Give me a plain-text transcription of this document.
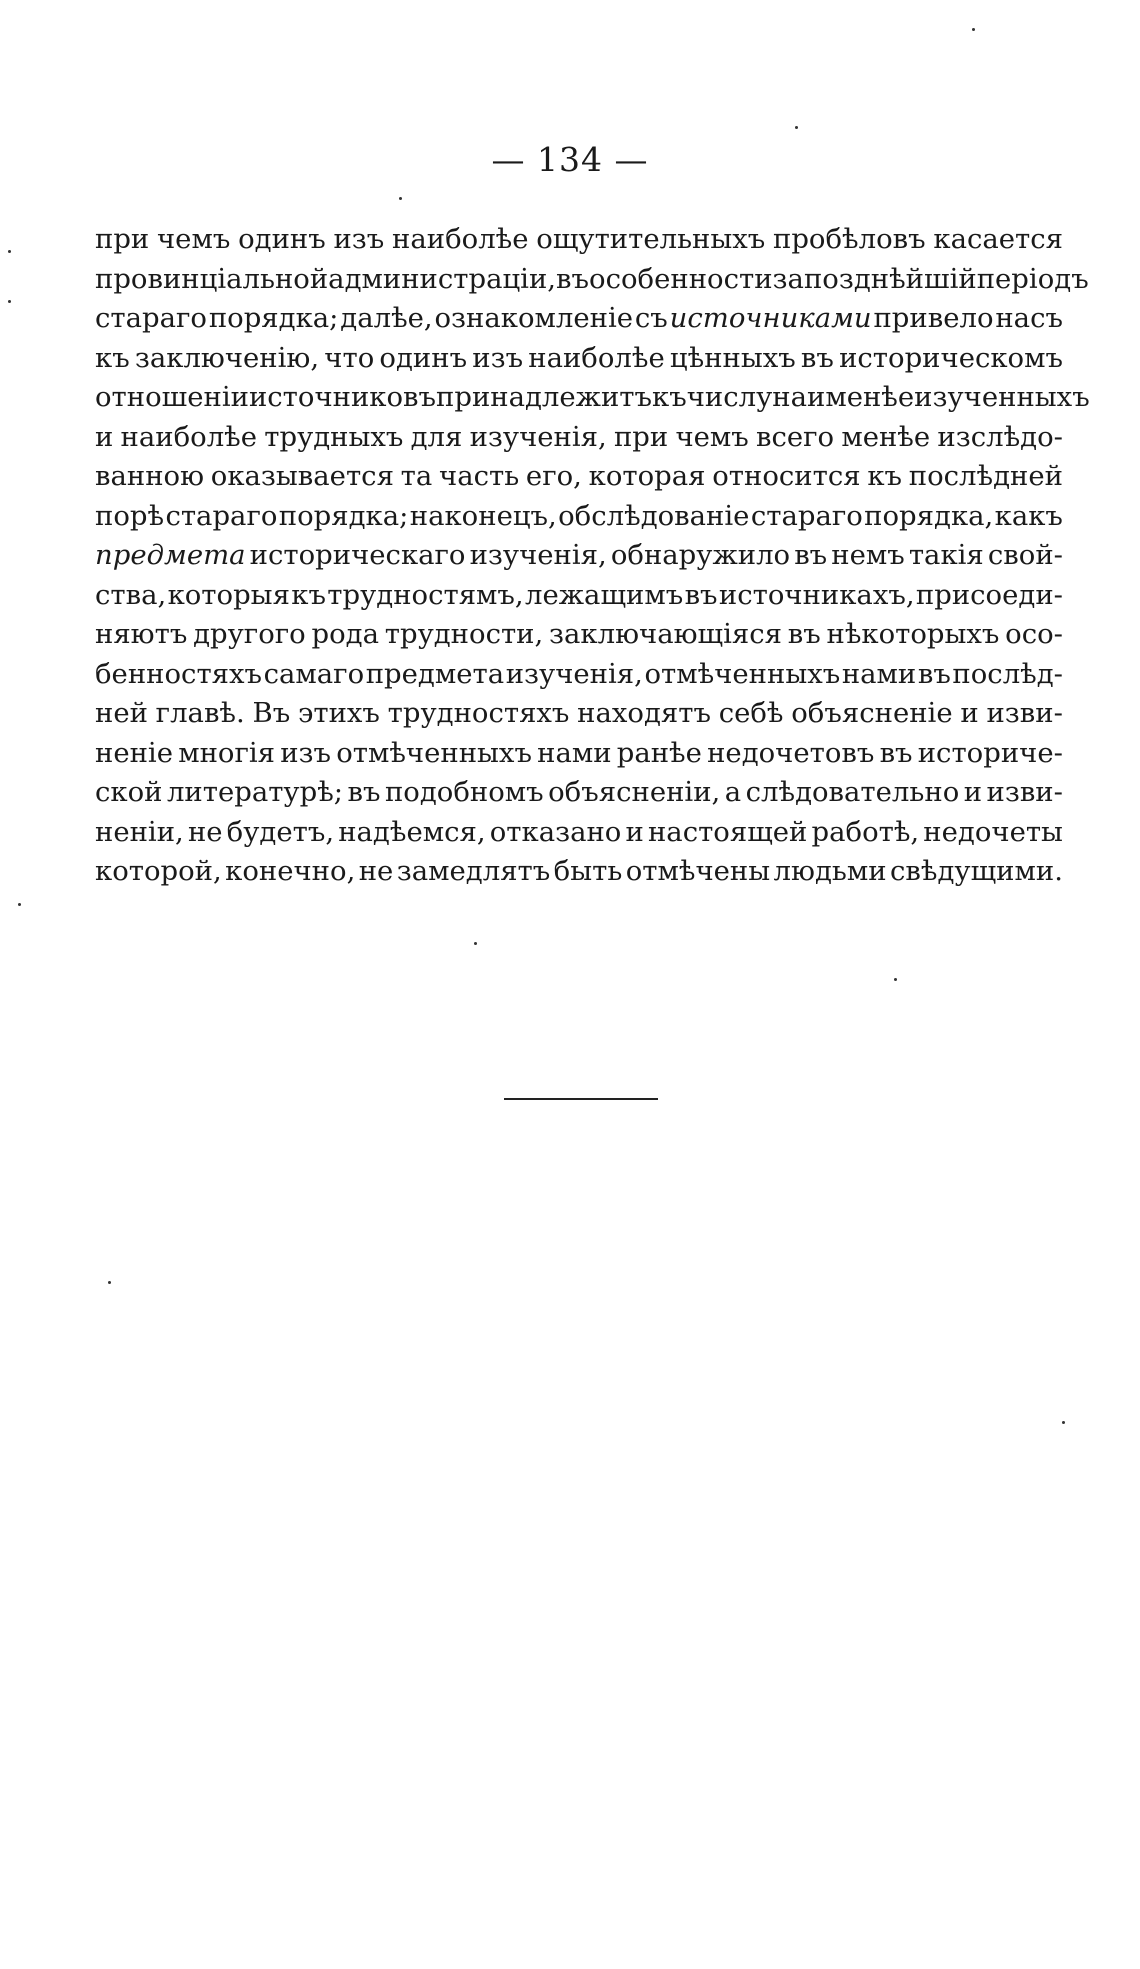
— 134 —
при чемъ одинъ изъ наиболѣе ощутительныхъ пробѣловъ касается
провинціальной администраціи, въ особенности за позднѣйшій періодъ
стараго порядка; далѣе, ознакомленіе съ источниками привело насъ
къ заключенію, что одинъ изъ наиболѣе цѣнныхъ въ историческомъ
отношеніи источниковъ принадлежитъ къ числу наименѣе изученныхъ
и наиболѣе трудныхъ для изученія, при чемъ всего менѣе изслѣдо-
ванною оказывается та часть его, которая относится къ послѣдней
порѣ стараго порядка; наконецъ, обслѣдованіе стараго порядка, какъ
предмета историческаго изученія, обнаружило въ немъ такія свой-
ства, которыя къ трудностямъ, лежащимъ въ источникахъ, присоеди-
няютъ другого рода трудности, заключающіяся въ нѣкоторыхъ осо-
бенностяхъ самаго предмета изученія, отмѣченныхъ нами въ послѣд-
ней главѣ. Въ этихъ трудностяхъ находятъ себѣ объясненіе и изви-
неніе многія изъ отмѣченныхъ нами ранѣе недочетовъ въ историче-
ской литературѣ; въ подобномъ объясненіи, а слѣдовательно и изви-
неніи, не будетъ, надѣемся, отказано и настоящей работѣ, недочеты
которой, конечно, не замедлятъ быть отмѣчены людьми свѣдущими.
